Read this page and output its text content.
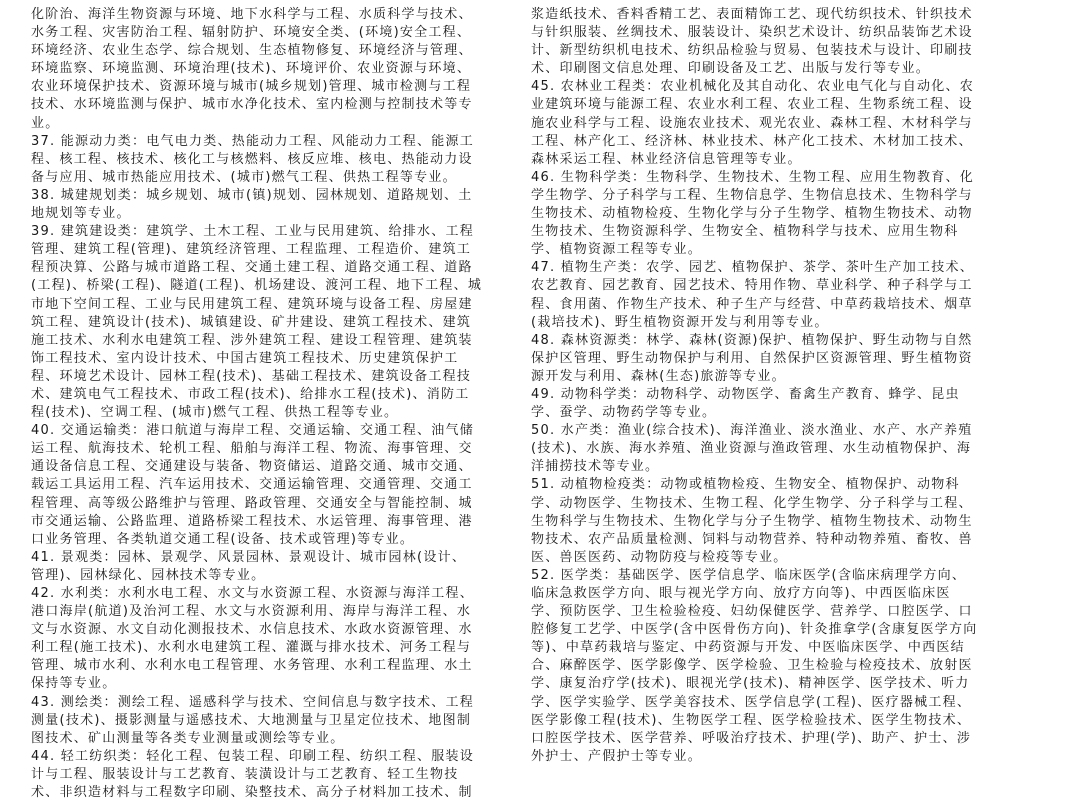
化阶治、海洋生物资源与环境、地下水科学与工程、水质科学与技术、
水务工程、灾害防治工程、辐射防护、环境安全类、(环境)安全工程、
环境经济、农业生态学、综合规划、生态植物修复、环境经济与管理、
环境监察、环境监测、环境治理(技术)、环境评价、农业资源与环境、
农业环境保护技术、资源环境与城市(城乡规划)管理、城市检测与工程
技术、水环境监测与保护、城市水净化技术、室内检测与控制技术等专
业。
37. 能源动力类：电气电力类、热能动力工程、风能动力工程、能源工
程、核工程、核技术、核化工与核燃料、核反应堆、核电、热能动力设
备与应用、城市热能应用技术、(城市)燃气工程、供热工程等专业。
38. 城建规划类：城乡规划、城市(镇)规划、园林规划、道路规划、土
地规划等专业。
39. 建筑建设类：建筑学、土木工程、工业与民用建筑、给排水、工程
管理、建筑工程(管理)、建筑经济管理、工程监理、工程造价、建筑工
程预决算、公路与城市道路工程、交通土建工程、道路交通工程、道路
(工程)、桥梁(工程)、隧道(工程)、机场建设、渡河工程、地下工程、城
市地下空间工程、工业与民用建筑工程、建筑环境与设备工程、房屋建
筑工程、建筑设计(技术)、城镇建设、矿井建设、建筑工程技术、建筑
施工技术、水利水电建筑工程、涉外建筑工程、建设工程管理、建筑装
饰工程技术、室内设计技术、中国古建筑工程技术、历史建筑保护工
程、环境艺术设计、园林工程(技术)、基础工程技术、建筑设备工程技
术、建筑电气工程技术、市政工程(技术)、给排水工程(技术)、消防工
程(技术)、空调工程、(城市)燃气工程、供热工程等专业。
40. 交通运输类：港口航道与海岸工程、交通运输、交通工程、油气储
运工程、航海技术、轮机工程、船舶与海洋工程、物流、海事管理、交
通设备信息工程、交通建设与装备、物资储运、道路交通、城市交通、
载运工具运用工程、汽车运用技术、交通运输管理、交通管理、交通工
程管理、高等级公路维护与管理、路政管理、交通安全与智能控制、城
市交通运输、公路监理、道路桥梁工程技术、水运管理、海事管理、港
口业务管理、各类轨道交通工程(设备、技术或管理)等专业。
41. 景观类：园林、景观学、风景园林、景观设计、城市园林(设计、
管理)、园林绿化、园林技术等专业。
42. 水利类：水利水电工程、水文与水资源工程、水资源与海洋工程、
港口海岸(航道)及治河工程、水文与水资源利用、海岸与海洋工程、水
文与水资源、水文自动化测报技术、水信息技术、水政水资源管理、水
利工程(施工技术)、水利水电建筑工程、灌溉与排水技术、河务工程与
管理、城市水利、水利水电工程管理、水务管理、水利工程监理、水土
保持等专业。
43. 测绘类：测绘工程、遥感科学与技术、空间信息与数字技术、工程
测量(技术)、摄影测量与遥感技术、大地测量与卫星定位技术、地图制
图技术、矿山测量等各类专业测量或测绘等专业。
44. 轻工纺织类：轻化工程、包装工程、印刷工程、纺织工程、服装设
计与工程、服装设计与工艺教育、装潢设计与工艺教育、轻工生物技
术、非织造材料与工程数字印刷、染整技术、高分子材料加工技术、制
浆造纸技术、香料香精工艺、表面精饰工艺、现代纺织技术、针织技术
与针织服装、丝绸技术、服装设计、染织艺术设计、纺织品装饰艺术设
计、新型纺织机电技术、纺织品检验与贸易、包装技术与设计、印刷技
术、印刷图文信息处理、印刷设备及工艺、出版与发行等专业。
45. 农林业工程类：农业机械化及其自动化、农业电气化与自动化、农
业建筑环境与能源工程、农业水利工程、农业工程、生物系统工程、设
施农业科学与工程、设施农业技术、观光农业、森林工程、木材科学与
工程、林产化工、经济林、林业技术、林产化工技术、木材加工技术、
森林采运工程、林业经济信息管理等专业。
46. 生物科学类：生物科学、生物技术、生物工程、应用生物教育、化
学生物学、分子科学与工程、生物信息学、生物信息技术、生物科学与
生物技术、动植物检疫、生物化学与分子生物学、植物生物技术、动物
生物技术、生物资源科学、生物安全、植物科学与技术、应用生物科
学、植物资源工程等专业。
47. 植物生产类：农学、园艺、植物保护、茶学、茶叶生产加工技术、
农艺教育、园艺教育、园艺技术、特用作物、草业科学、种子科学与工
程、食用菌、作物生产技术、种子生产与经营、中草药栽培技术、烟草
(栽培技术)、野生植物资源开发与利用等专业。
48. 森林资源类：林学、森林(资源)保护、植物保护、野生动物与自然
保护区管理、野生动物保护与利用、自然保护区资源管理、野生植物资
源开发与利用、森林(生态)旅游等专业。
49. 动物科学类：动物科学、动物医学、畜禽生产教育、蜂学、昆虫
学、蚕学、动物药学等专业。
50. 水产类：渔业(综合技术)、海洋渔业、淡水渔业、水产、水产养殖
(技术)、水族、海水养殖、渔业资源与渔政管理、水生动植物保护、海
洋捕捞技术等专业。
51. 动植物检疫类：动物或植物检疫、生物安全、植物保护、动物科
学、动物医学、生物技术、生物工程、化学生物学、分子科学与工程、
生物科学与生物技术、生物化学与分子生物学、植物生物技术、动物生
物技术、农产品质量检测、饲料与动物营养、特种动物养殖、畜牧、兽
医、兽医医药、动物防疫与检疫等专业。
52. 医学类：基础医学、医学信息学、临床医学(含临床病理学方向、
临床急救医学方向、眼与视光学方向、放疗方向等)、中西医临床医
学、预防医学、卫生检验检疫、妇幼保健医学、营养学、口腔医学、口
腔修复工艺学、中医学(含中医骨伤方向)、针灸推拿学(含康复医学方向
等)、中草药栽培与鉴定、中药资源与开发、中医临床医学、中西医结
合、麻醉医学、医学影像学、医学检验、卫生检验与检疫技术、放射医
学、康复治疗学(技术)、眼视光学(技术)、精神医学、医学技术、听力
学、医学实验学、医学美容技术、医学信息学(工程)、医疗器械工程、
医学影像工程(技术)、生物医学工程、医学检验技术、医学生物技术、
口腔医学技术、医学营养、呼吸治疗技术、护理(学)、助产、护士、涉
外护士、产假护士等专业。
